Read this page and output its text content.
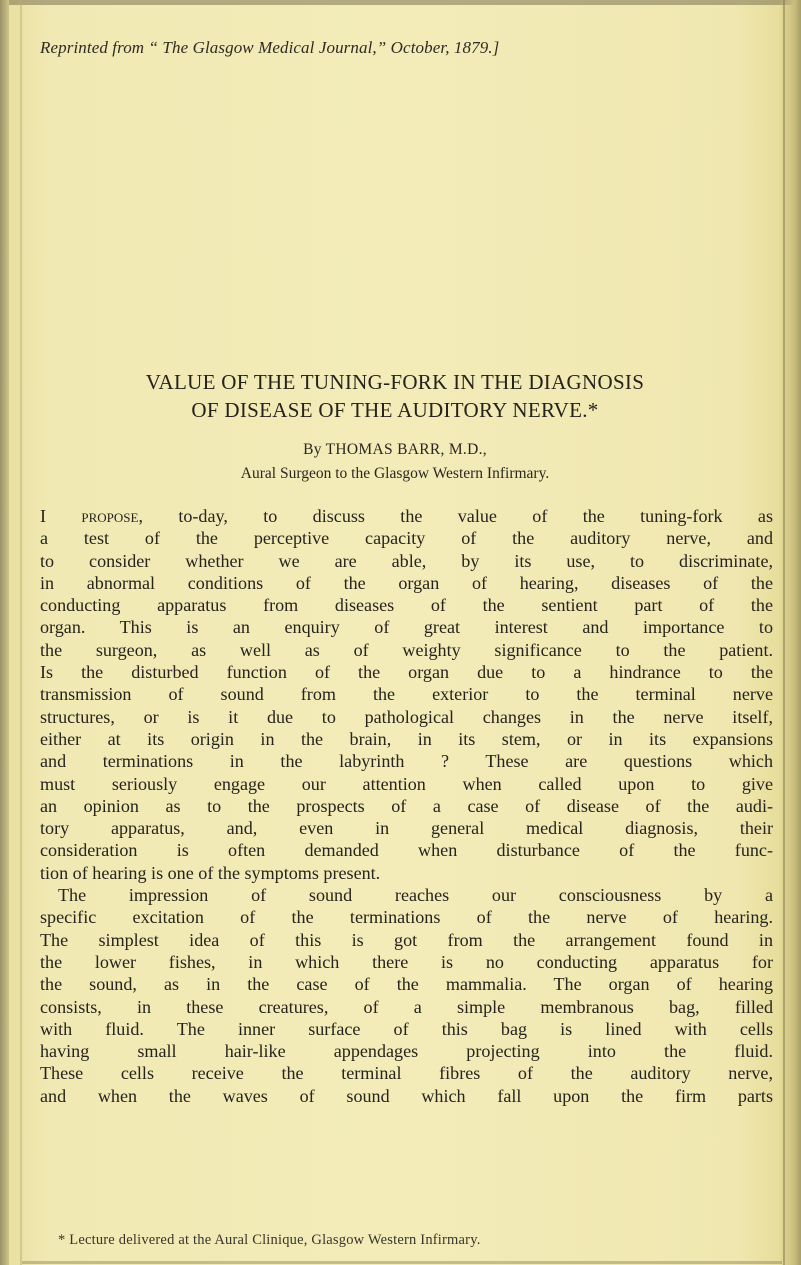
Reprinted from “ The Glasgow Medical Journal,” October, 1879.]
VALUE OF THE TUNING-FORK IN THE DIAGNOSIS
OF DISEASE OF THE AUDITORY NERVE.*
By THOMAS BARR, M.D.,
Aural Surgeon to the Glasgow Western Infirmary.
I propose, to-day, to discuss the value of the tuning-fork as
a test of the perceptive capacity of the auditory nerve, and
to consider whether we are able, by its use, to discriminate,
in abnormal conditions of the organ of hearing, diseases of the
conducting apparatus from diseases of the sentient part of the
organ. This is an enquiry of great interest and importance to
the surgeon, as well as of weighty significance to the patient.
Is the disturbed function of the organ due to a hindrance to the
transmission of sound from the exterior to the terminal nerve
structures, or is it due to pathological changes in the nerve itself,
either at its origin in the brain, in its stem, or in its expansions
and terminations in the labyrinth ? These are questions which
must seriously engage our attention when called upon to give
an opinion as to the prospects of a case of disease of the audi-
tory apparatus, and, even in general medical diagnosis, their
consideration is often demanded when disturbance of the func-
tion of hearing is one of the symptoms present.
The impression of sound reaches our consciousness by a
specific excitation of the terminations of the nerve of hearing.
The simplest idea of this is got from the arrangement found in
the lower fishes, in which there is no conducting apparatus for
the sound, as in the case of the mammalia. The organ of hearing
consists, in these creatures, of a simple membranous bag, filled
with fluid. The inner surface of this bag is lined with cells
having small hair-like appendages projecting into the fluid.
These cells receive the terminal fibres of the auditory nerve,
and when the waves of sound which fall upon the firm parts
* Lecture delivered at the Aural Clinique, Glasgow Western Infirmary.
